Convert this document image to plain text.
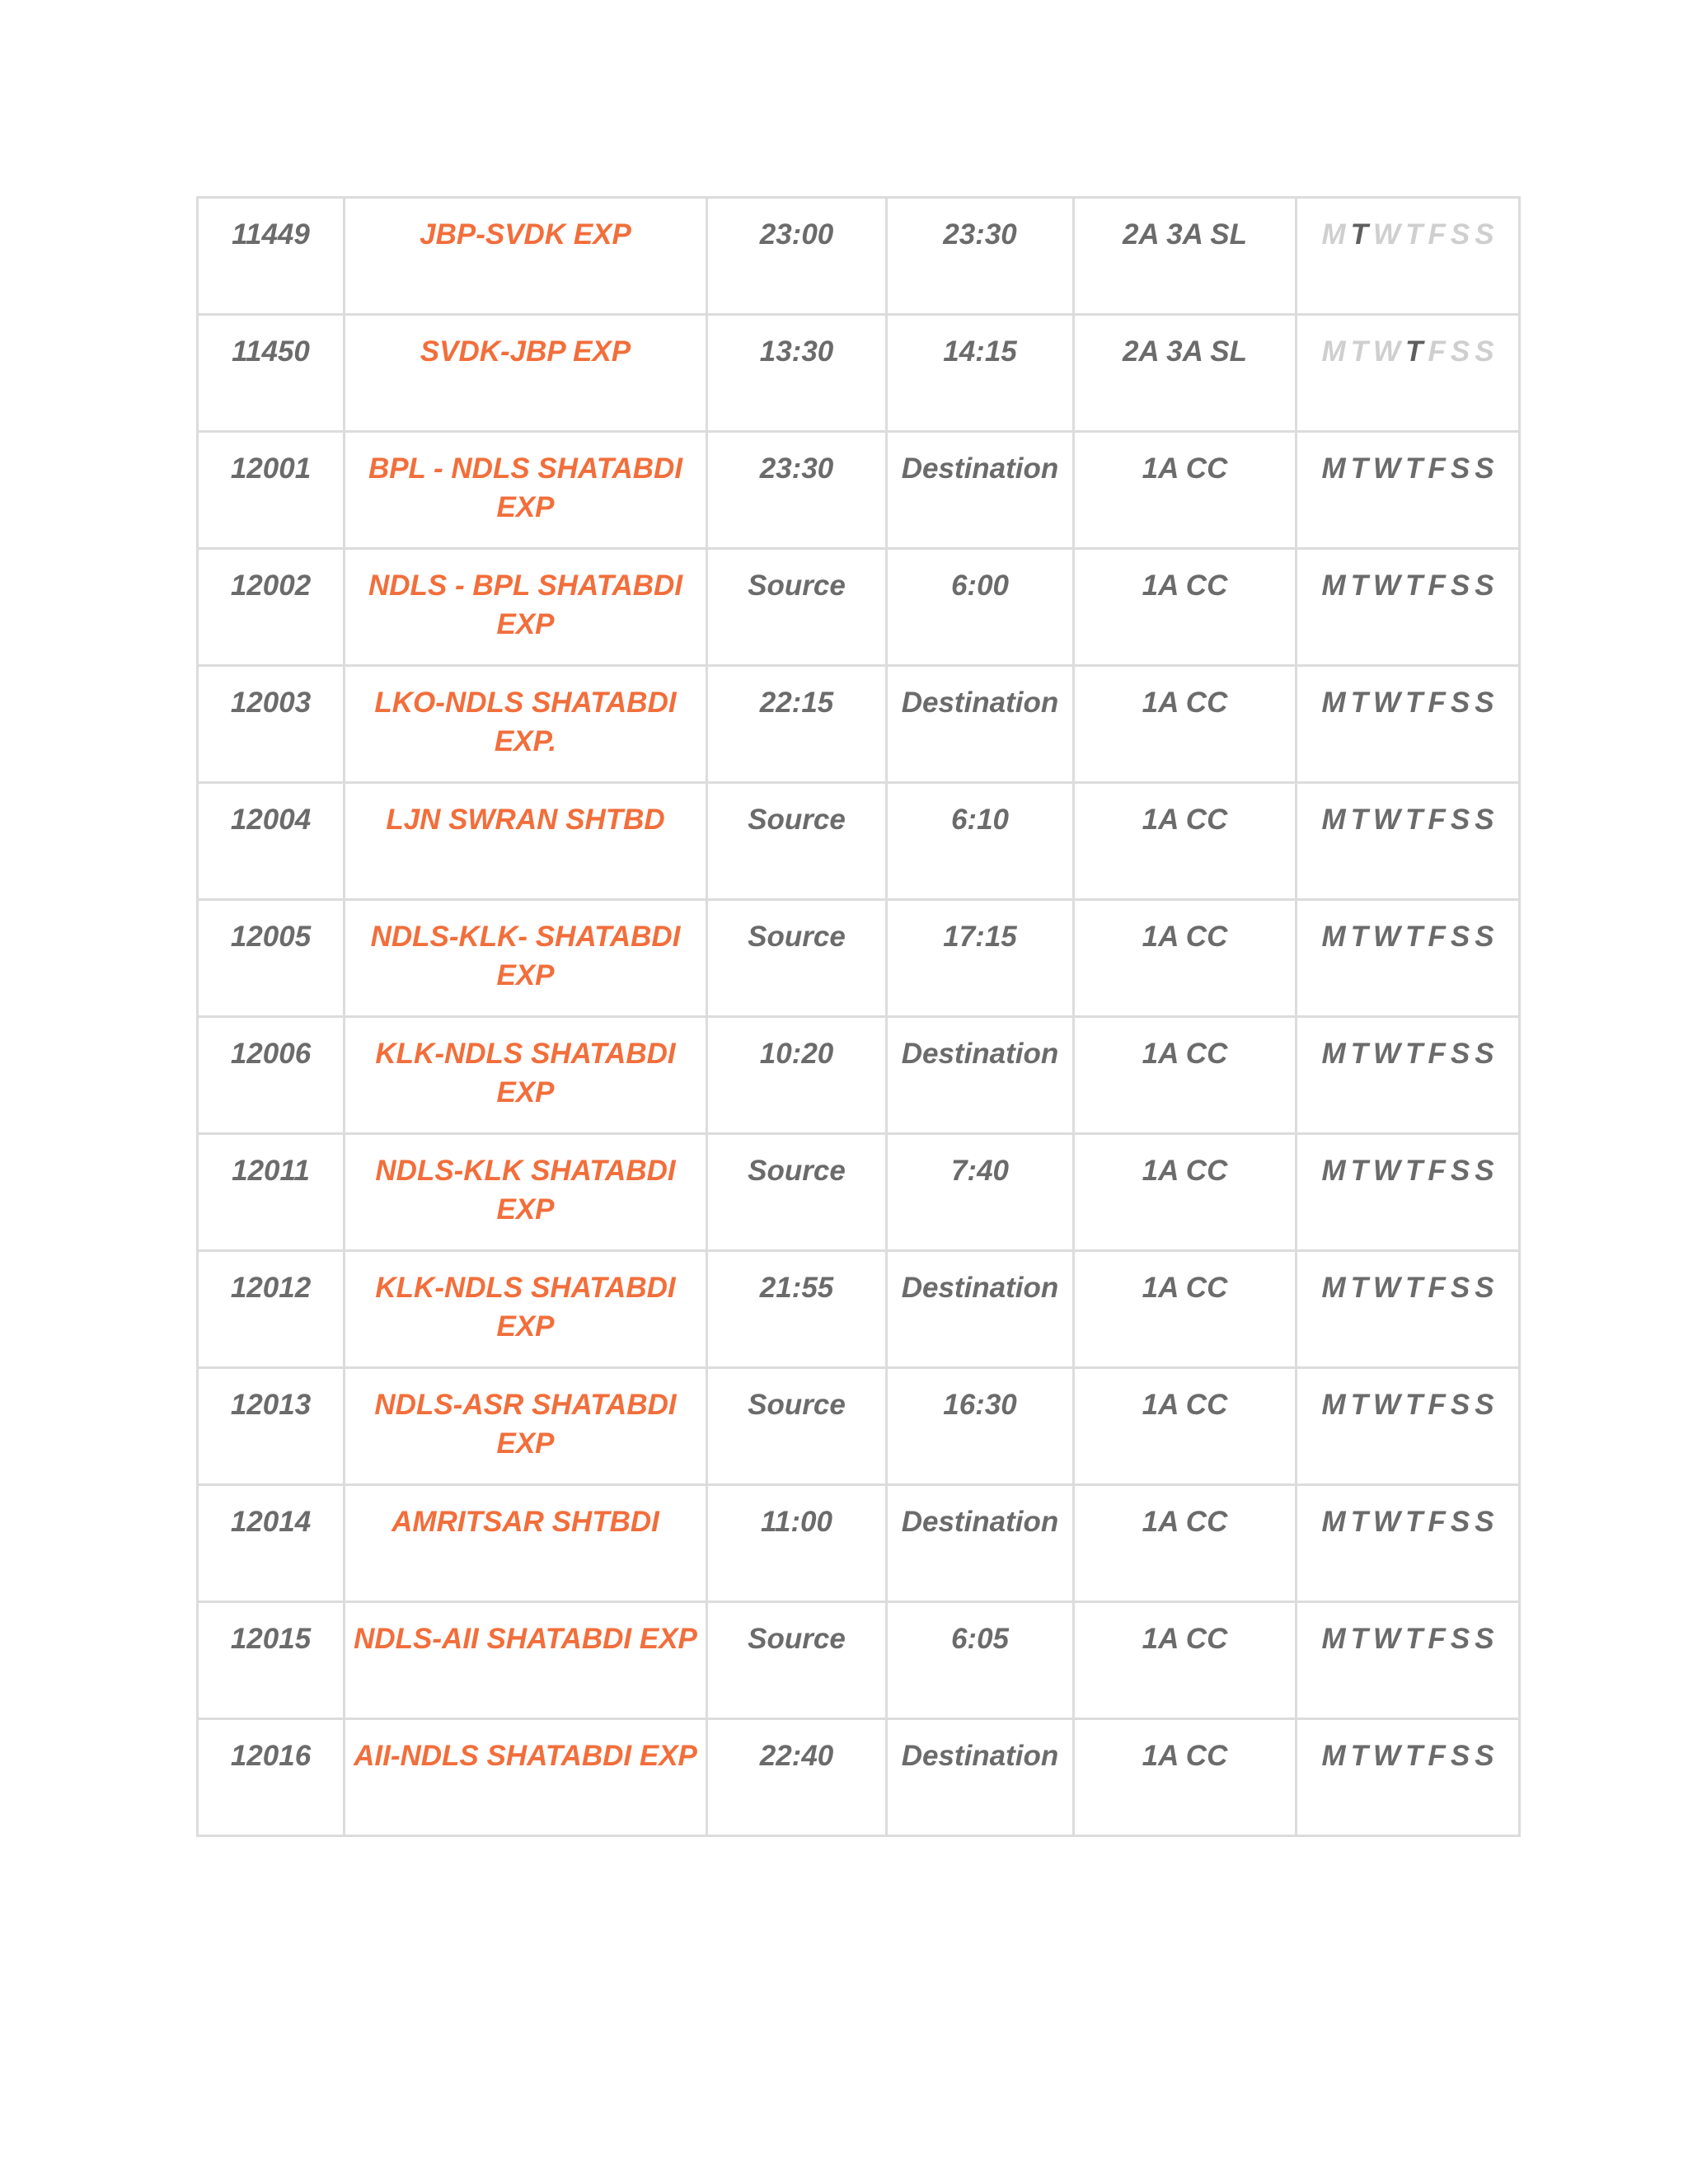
11449	JBP-SVDK EXP	23:00	23:30	2A 3A SL	M T W T F S S
11450	SVDK-JBP EXP	13:30	14:15	2A 3A SL	M T W T F S S
12001	BPL - NDLS SHATABDI EXP	23:30	Destination	1A CC	M T W T F S S
12002	NDLS - BPL SHATABDI EXP	Source	6:00	1A CC	M T W T F S S
12003	LKO-NDLS SHATABDI EXP.	22:15	Destination	1A CC	M T W T F S S
12004	LJN SWRAN SHTBD	Source	6:10	1A CC	M T W T F S S
12005	NDLS-KLK- SHATABDI EXP	Source	17:15	1A CC	M T W T F S S
12006	KLK-NDLS SHATABDI EXP	10:20	Destination	1A CC	M T W T F S S
12011	NDLS-KLK SHATABDI EXP	Source	7:40	1A CC	M T W T F S S
12012	KLK-NDLS SHATABDI EXP	21:55	Destination	1A CC	M T W T F S S
12013	NDLS-ASR SHATABDI EXP	Source	16:30	1A CC	M T W T F S S
12014	AMRITSAR SHTBDI	11:00	Destination	1A CC	M T W T F S S
12015	NDLS-AII SHATABDI EXP	Source	6:05	1A CC	M T W T F S S
12016	AII-NDLS SHATABDI EXP	22:40	Destination	1A CC	M T W T F S S
